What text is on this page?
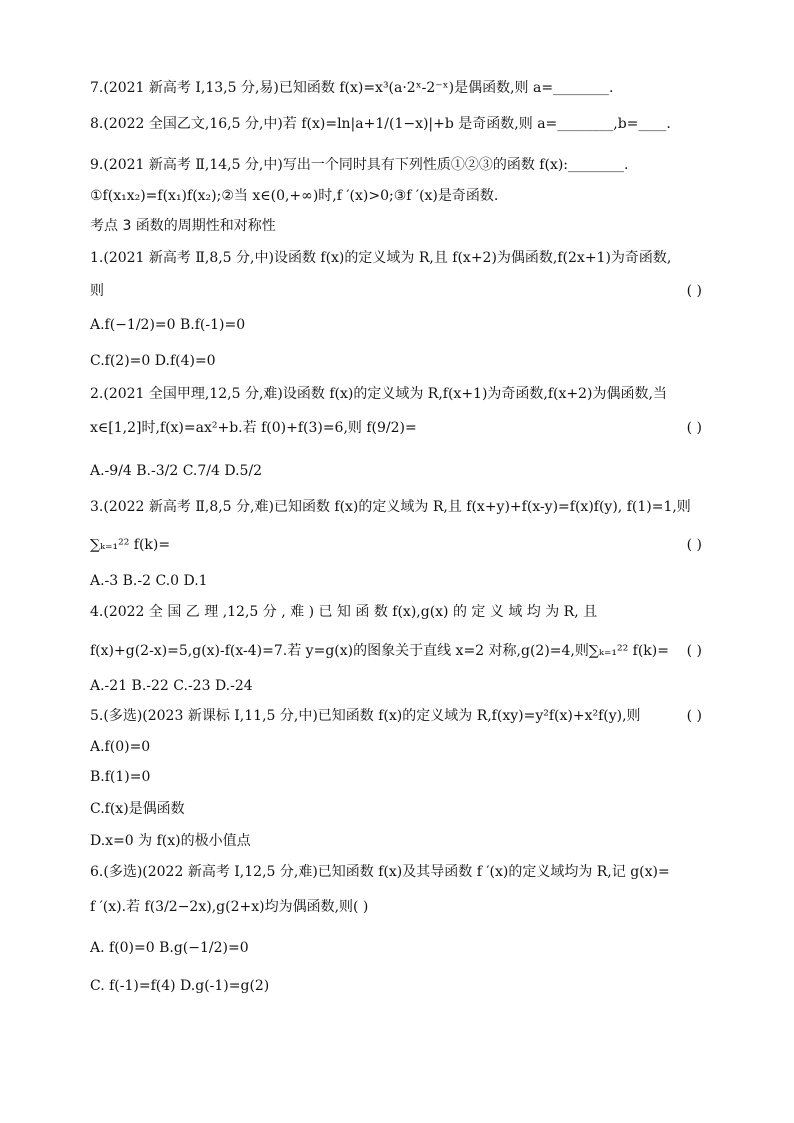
7.(2021 新高考 Ⅰ,13,5 分,易)已知函数 f(x)=x³(a·2ˣ-2⁻ˣ)是偶函数,则 a=________.
8.(2022 全国乙文,16,5 分,中)若 f(x)=ln|a+1/(1−x)|+b 是奇函数,则 a=________,b=____.
9.(2021 新高考 Ⅱ,14,5 分,中)写出一个同时具有下列性质①②③的函数 f(x):________.
①f(x₁x₂)=f(x₁)f(x₂);②当 x∈(0,+∞)时,f ′(x)>0;③f ′(x)是奇函数.
考点 3 函数的周期性和对称性
1.(2021 新高考 Ⅱ,8,5 分,中)设函数 f(x)的定义域为 R,且 f(x+2)为偶函数,f(2x+1)为奇函数,
则
A.f(−1/2)=0 B.f(-1)=0
C.f(2)=0 D.f(4)=0
2.(2021 全国甲理,12,5 分,难)设函数 f(x)的定义域为 R,f(x+1)为奇函数,f(x+2)为偶函数,当
x∈[1,2]时,f(x)=ax²+b.若 f(0)+f(3)=6,则 f(9/2)=
A.-9/4 B.-3/2 C.7/4 D.5/2
3.(2022 新高考 Ⅱ,8,5 分,难)已知函数 f(x)的定义域为 R,且 f(x+y)+f(x-y)=f(x)f(y), f(1)=1,则
∑ₖ₌₁²² f(k)=
A.-3 B.-2 C.0 D.1
4.(2022 全 国 乙 理 ,12,5 分 , 难 ) 已 知 函 数 f(x),g(x) 的 定 义 域 均 为 R, 且
f(x)+g(2-x)=5,g(x)-f(x-4)=7.若 y=g(x)的图象关于直线 x=2 对称,g(2)=4,则∑ₖ₌₁²² f(k)=
A.-21 B.-22 C.-23 D.-24
5.(多选)(2023 新课标 Ⅰ,11,5 分,中)已知函数 f(x)的定义域为 R,f(xy)=y²f(x)+x²f(y),则
A.f(0)=0
B.f(1)=0
C.f(x)是偶函数
D.x=0 为 f(x)的极小值点
6.(多选)(2022 新高考 Ⅰ,12,5 分,难)已知函数 f(x)及其导函数 f ′(x)的定义域均为 R,记 g(x)=
f ′(x).若 f(3/2−2x),g(2+x)均为偶函数,则( )
A. f(0)=0 B.g(−1/2)=0
C. f(-1)=f(4) D.g(-1)=g(2)
( )
( )
( )
( )
( )
